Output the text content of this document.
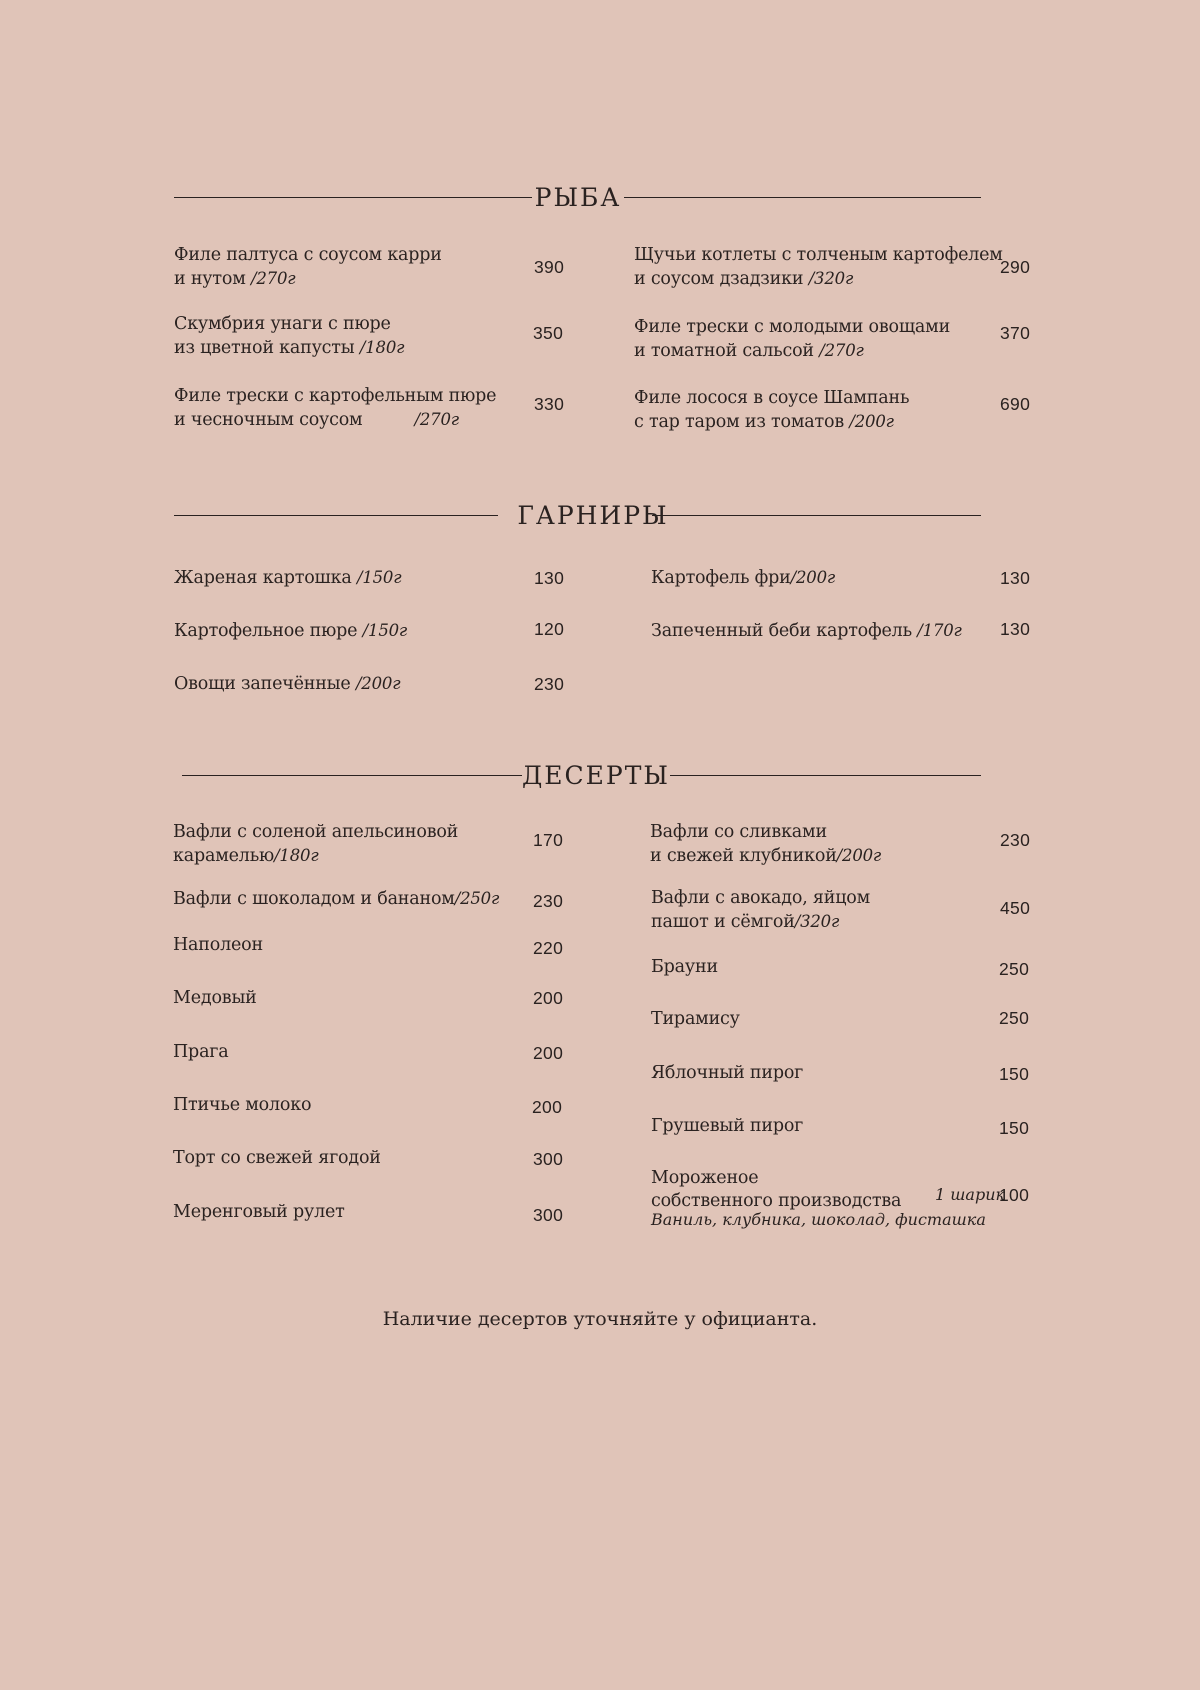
РЫБА
Филе палтуса с соусом карри
и нутом /270г
390
Скумбрия унаги с пюре
из цветной капусты /180г
350
Филе трески с картофельным пюре
и чесночным соусом	/270г
330
Щучьи котлеты с толченым картофелем
и соусом дзадзики /320г
290
Филе трески с молодыми овощами
и томатной сальсой /270г
370
Филе лосося в соусе Шампань
с тар таром из томатов /200г
690
ГАРНИРЫ
Жареная картошка /150г	130
Картофельное пюре /150г	120
Овощи запечённые /200г	230
Картофель фри/200г	130
Запеченный беби картофель /170г 130
ДЕСЕРТЫ
Вафли с соленой апельсиновой
карамелью/180г
170
Вафли с шоколадом и бананом/250г 230
Наполеон	220
Медовый	200
Прага	200
Птичье молоко	200
Торт со свежей ягодой	300
Меренговый рулет	300
Вафли со сливками
и свежей клубникой/200г
230
Вафли с авокадо, яйцом
пашот и сёмгой/320г
450
Брауни	250
Тирамису	250
Яблочный пирог	150
Грушевый пирог	150
Мороженое
собственного производства 1 шарик
100
Ваниль, клубника, шоколад, фисташка
Наличие десертов уточняйте у официанта.
